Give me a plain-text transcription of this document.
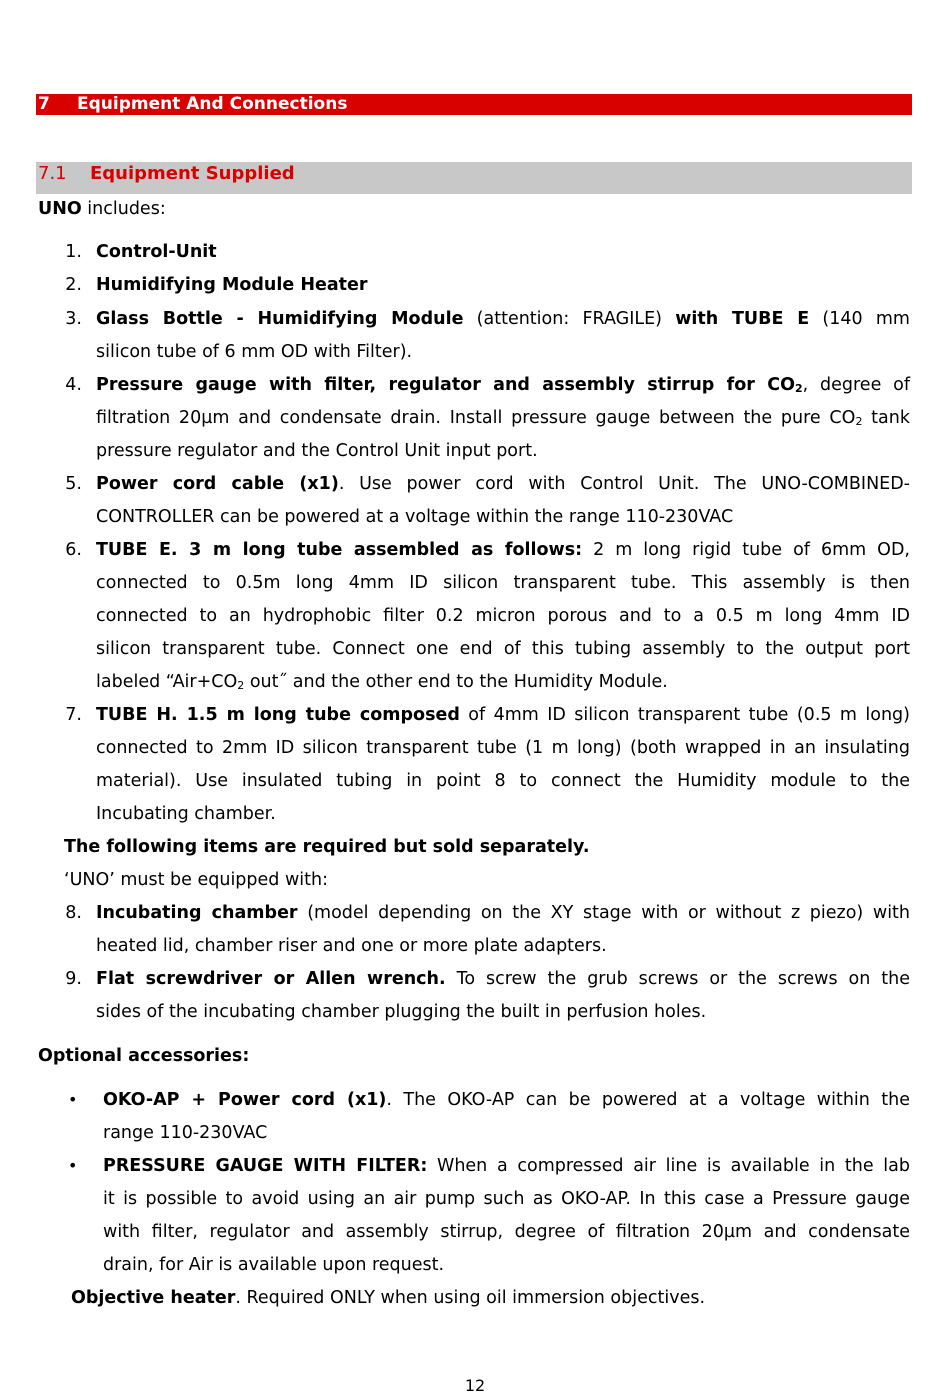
7 Equipment And Connections
7.1 Equipment Supplied
UNO includes:
1. Control-Unit
2. Humidifying Module Heater
3. Glass Bottle - Humidifying Module (attention: FRAGILE) with TUBE E (140 mm
silicon tube of 6 mm OD with Filter).
4. Pressure gauge with filter, regulator and assembly stirrup for $CO_2$, degree of
filtration 20µm and condensate drain. Install pressure gauge between the pure $CO_2$ tank
pressure regulator and the Control Unit input port.
5. Power cord cable (x1). Use power cord with Control Unit. The UNO-COMBINED-
CONTROLLER can be powered at a voltage within the range 110-230VAC
6. TUBE E. 3 m long tube assembled as follows: 2 m long rigid tube of 6mm OD,
connected to 0.5m long 4mm ID silicon transparent tube. This assembly is then
connected to an hydrophobic filter 0.2 micron porous and to a 0.5 m long 4mm ID
silicon transparent tube. Connect one end of this tubing assembly to the output port
labeled “$Air+CO_2$ out˝ and the other end to the Humidity Module.
7. TUBE H. 1.5 m long tube composed of 4mm ID silicon transparent tube (0.5 m long)
connected to 2mm ID silicon transparent tube (1 m long) (both wrapped in an insulating
material). Use insulated tubing in point 8 to connect the Humidity module to the
Incubating chamber.
The following items are required but sold separately.
‘UNO’ must be equipped with:
8. Incubating chamber (model depending on the XY stage with or without z piezo) with
heated lid, chamber riser and one or more plate adapters.
9. Flat screwdriver or Allen wrench. To screw the grub screws or the screws on the
sides of the incubating chamber plugging the built in perfusion holes.
Optional accessories:
• OKO-AP + Power cord (x1). The OKO-AP can be powered at a voltage within the
range 110-230VAC
• PRESSURE GAUGE WITH FILTER: When a compressed air line is available in the lab
it is possible to avoid using an air pump such as OKO-AP. In this case a Pressure gauge
with filter, regulator and assembly stirrup, degree of filtration 20µm and condensate
drain, for Air is available upon request.
Objective heater. Required ONLY when using oil immersion objectives.
12
